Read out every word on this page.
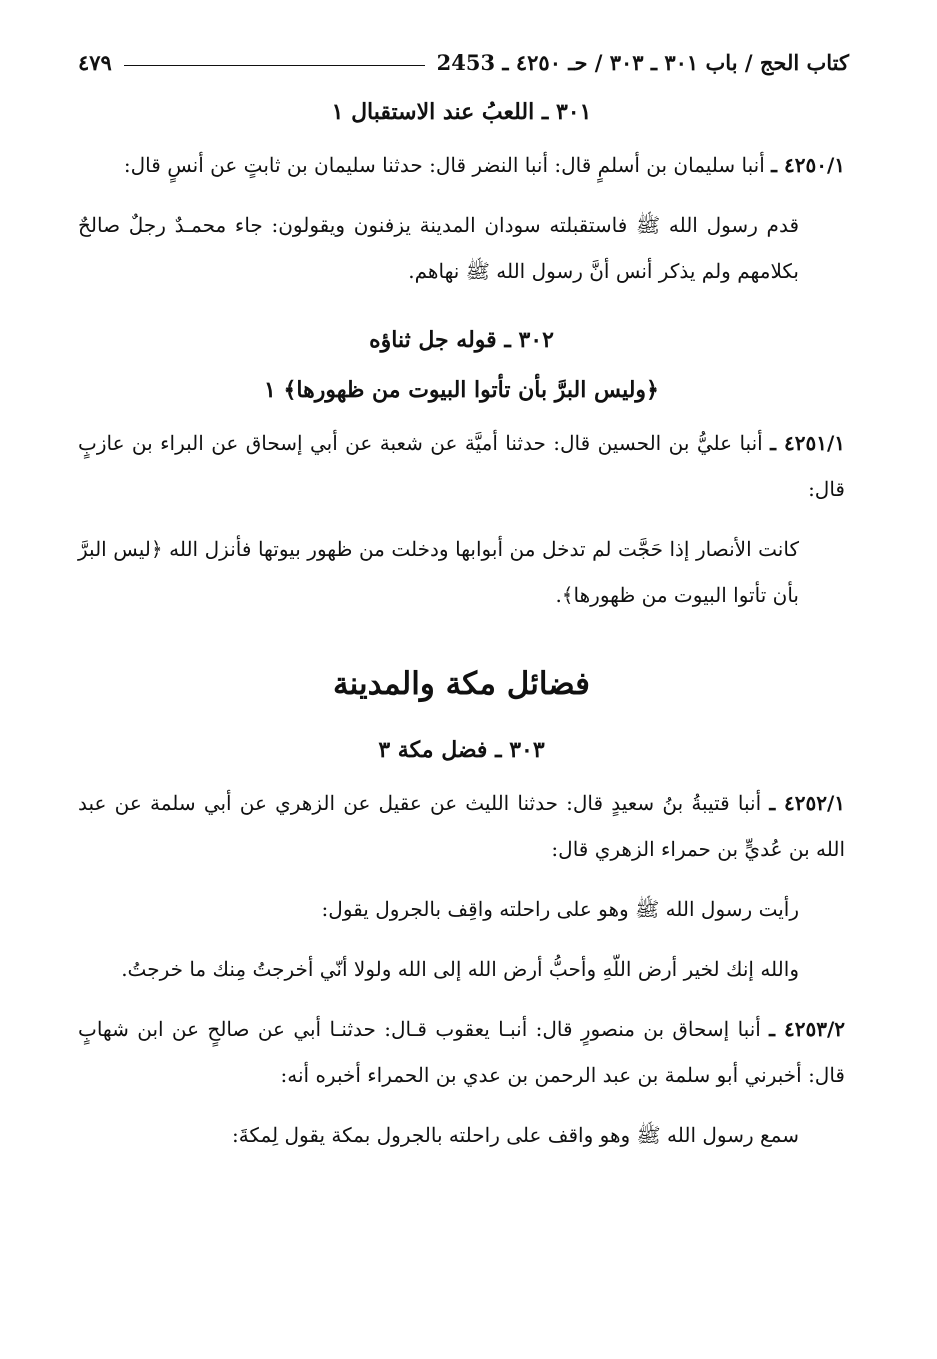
كتاب الحج / باب ٣٠١ ـ ٣٠٣ / حـ ٤٢٥٠ ـ 2453
٤٧٩
٣٠١ ـ اللعبُ عند الاستقبال ١

٤٢٥٠/١ ـ أنبا سليمان بن أسلمٍ قال: أنبا النضر قال: حدثنا سليمان بن ثابتٍ عن أنسٍ قال:

قدم رسول الله ﷺ فاستقبلته سودان المدينة يزفنون ويقولون: جاء محمـدٌ رجلٌ صالحٌ بكلامهم ولم يذكر أنس أنَّ رسول الله ﷺ نهاهم.

٣٠٢ ـ قوله جل ثناؤه
﴿وليس البرَّ بأن تأتوا البيوت من ظهورها﴾ ١

٤٢٥١/١ ـ أنبا عليُّ بن الحسين قال: حدثنا أميَّة عن شعبة عن أبي إسحاق عن البراء بن عازبٍ قال:

كانت الأنصار إذا حَجَّت لم تدخل من أبوابها ودخلت من ظهور بيوتها فأنزل الله ﴿ليس البرَّ بأن تأتوا البيوت من ظهورها﴾.

فضائل مكة والمدينة
٣٠٣ ـ فضل مكة ٣

٤٢٥٢/١ ـ أنبا قتيبةُ بنُ سعيدٍ قال: حدثنا الليث عن عقيل عن الزهري عن أبي سلمة عن عبد الله بن عُديٍّ بن حمراء الزهري قال:

رأيت رسول الله ﷺ وهو على راحلته واقِف بالجرول يقول:

والله إنك لخير أرض اللّهِ وأحبُّ أرض الله إلى الله ولولا أنّي أخرجتُ مِنك ما خرجتُ.

٤٢٥٣/٢ ـ أنبا إسحاق بن منصورٍ قال: أنبـا يعقوب قـال: حدثنـا أبي عن صالحٍ عن ابن شهابٍ قال: أخبرني أبو سلمة بن عبد الرحمن بن عدي بن الحمراء أخبره أنه:

سمع رسول الله ﷺ وهو واقف على راحلته بالجرول بمكة يقول لِمكةَ:
